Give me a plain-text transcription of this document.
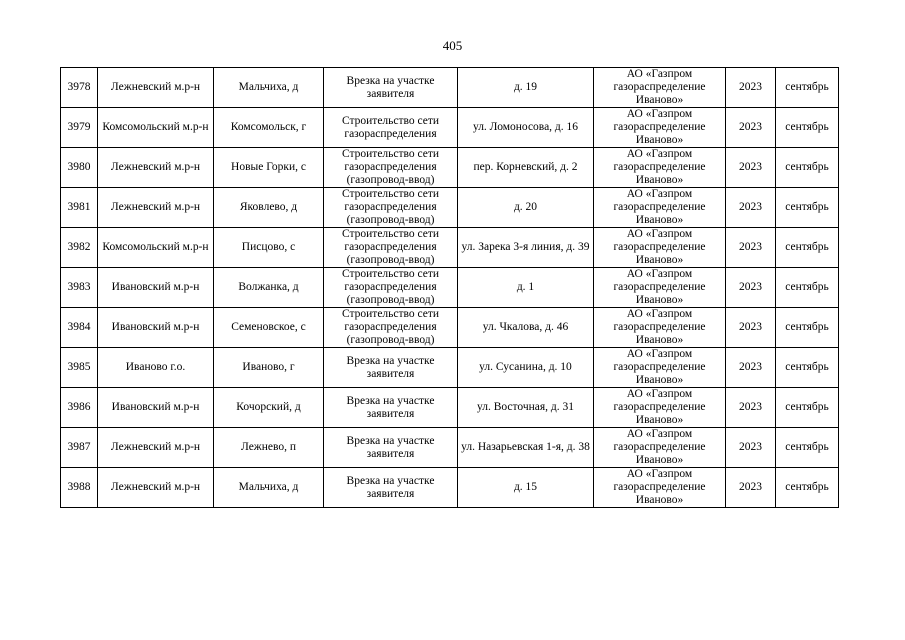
405
3978	Лежневский м.р-н	Мальчиха, д	Врезка на участке заявителя	д. 19	АО «Газпром газораспределение Иваново»	2023	сентябрь
3979	Комсомольский м.р-н	Комсомольск, г	Строительство сети газораспределения	ул. Ломоносова, д. 16	АО «Газпром газораспределение Иваново»	2023	сентябрь
3980	Лежневский м.р-н	Новые Горки, с	Строительство сети газораспределения (газопровод-ввод)	пер. Корневский, д. 2	АО «Газпром газораспределение Иваново»	2023	сентябрь
3981	Лежневский м.р-н	Яковлево, д	Строительство сети газораспределения (газопровод-ввод)	д. 20	АО «Газпром газораспределение Иваново»	2023	сентябрь
3982	Комсомольский м.р-н	Писцово, с	Строительство сети газораспределения (газопровод-ввод)	ул. Зарека 3-я линия, д. 39	АО «Газпром газораспределение Иваново»	2023	сентябрь
3983	Ивановский м.р-н	Волжанка, д	Строительство сети газораспределения (газопровод-ввод)	д. 1	АО «Газпром газораспределение Иваново»	2023	сентябрь
3984	Ивановский м.р-н	Семеновское, с	Строительство сети газораспределения (газопровод-ввод)	ул. Чкалова, д. 46	АО «Газпром газораспределение Иваново»	2023	сентябрь
3985	Иваново г.о.	Иваново, г	Врезка на участке заявителя	ул. Сусанина, д. 10	АО «Газпром газораспределение Иваново»	2023	сентябрь
3986	Ивановский м.р-н	Кочорский, д	Врезка на участке заявителя	ул. Восточная, д. 31	АО «Газпром газораспределение Иваново»	2023	сентябрь
3987	Лежневский м.р-н	Лежнево, п	Врезка на участке заявителя	ул. Назарьевская 1-я, д. 38	АО «Газпром газораспределение Иваново»	2023	сентябрь
3988	Лежневский м.р-н	Мальчиха, д	Врезка на участке заявителя	д. 15	АО «Газпром газораспределение Иваново»	2023	сентябрь
